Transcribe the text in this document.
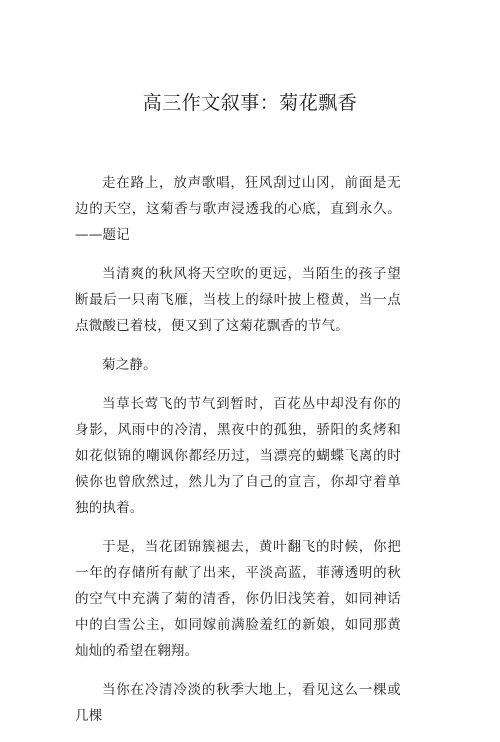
高三作文叙事：菊花飘香

走在路上，放声歌唱，狂风刮过山冈，前面是无边的天空，这菊香与歌声浸透我的心底，直到永久。——题记

当清爽的秋风将天空吹的更远，当陌生的孩子望断最后一只南飞雁，当枝上的绿叶披上橙黄，当一点点微酸已着枝，便又到了这菊花飘香的节气。

菊之静。

当草长莺飞的节气到暂时，百花丛中却没有你的身影，风雨中的冷清，黑夜中的孤独，骄阳的炙烤和如花似锦的嘲讽你都经历过，当漂亮的蝴蝶飞离的时候你也曾欣然过，然儿为了自己的宣言，你却守着单独的执着。

于是，当花团锦簇褪去，黄叶翻飞的时候，你把一年的存储所有献了出来，平淡高蓝，菲薄透明的秋的空气中充满了菊的清香，你仍旧浅笑着，如同神话中的白雪公主，如同嫁前满脸羞红的新娘，如同那黄灿灿的希望在翱翔。

当你在冷清冷淡的秋季大地上，看见这么一棵或几棵
